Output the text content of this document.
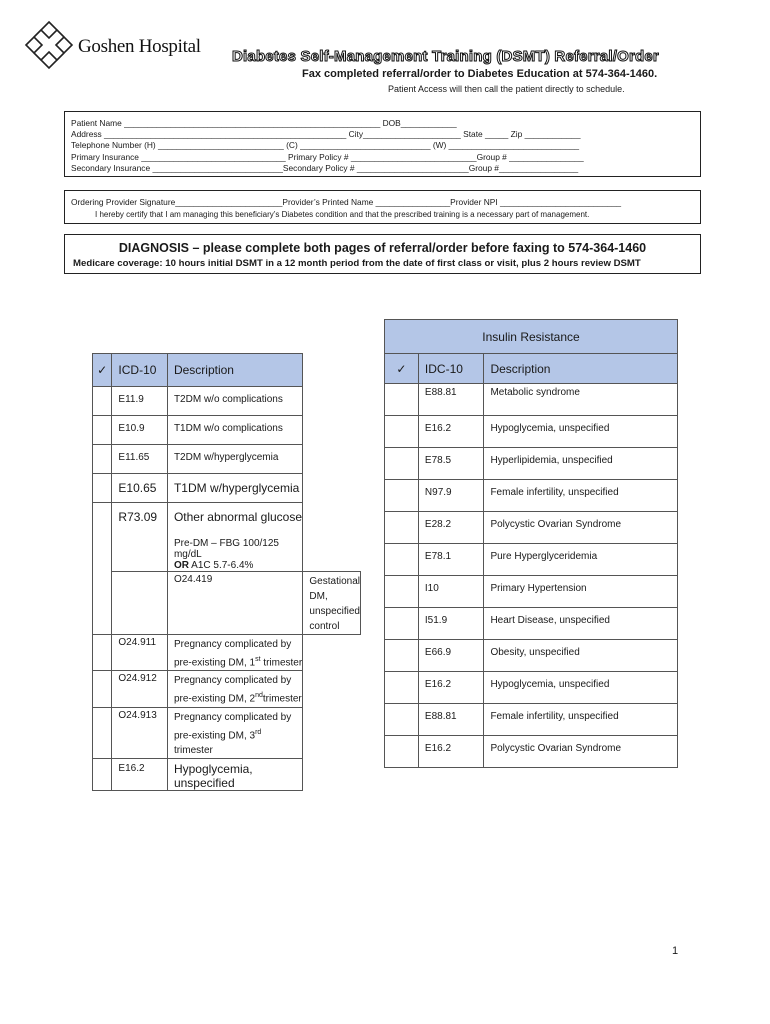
Goshen Hospital Diabetes Self-Management Training (DSMT) Referral/Order
Fax completed referral/order to Diabetes Education at 574-364-1460.
Patient Access will then call the patient directly to schedule.
Patient Name _______________________________________________________ DOB____________
Address ____________________________________________________ City_____________________ State _____ Zip ____________
Telephone Number (H) ___________________________ (C) ____________________________ (W) ____________________________
Primary Insurance _______________________________ Primary Policy # ___________________________Group # ________________
Secondary Insurance ____________________________Secondary Policy # ________________________Group #_________________
Ordering Provider Signature_______________________Provider’s Printed Name ________________Provider NPI __________________________
I hereby certify that I am managing this beneficiary’s Diabetes condition and that the prescribed training is a necessary part of management.
DIAGNOSIS – please complete both pages of referral/order before faxing to 574-364-1460
Medicare coverage: 10 hours initial DSMT in a 12 month period from the date of first class or visit, plus 2 hours review DSMT
✓	ICD-10	Description	
	E11.9	T2DM w/o complications	
	E10.9	T1DM w/o complications	
	E11.65	T2DM w/hyperglycemia	
	E10.65	T1DM w/hyperglycemia	
	R73.09	Other abnormal glucose
Pre-DM – FBG 100/125 mg/dL
OR A1C 5.7-6.4%	

		O24.419	Gestational DM, unspecified control
	O24.911	Pregnancy complicated by pre-existing DM, 1st trimester	
	O24.912	Pregnancy complicated by pre-existing DM, 2ndtrimester	
	O24.913	Pregnancy complicated by pre-existing DM, 3rd trimester	
	E16.2	Hypoglycemia, unspecified	
Insulin Resistance		
✓	IDC-10	Description
	E88.81	Metabolic syndrome
	E16.2	Hypoglycemia, unspecified
	E78.5	Hyperlipidemia, unspecified
	N97.9	Female infertility, unspecified
	E28.2	Polycystic Ovarian Syndrome
	E78.1	Pure Hyperglyceridemia
	I10	Primary Hypertension
	I51.9	Heart Disease, unspecified
	E66.9	Obesity, unspecified
	E16.2	Hypoglycemia, unspecified
	E88.81	Female infertility, unspecified
	E16.2	Polycystic Ovarian Syndrome
1
